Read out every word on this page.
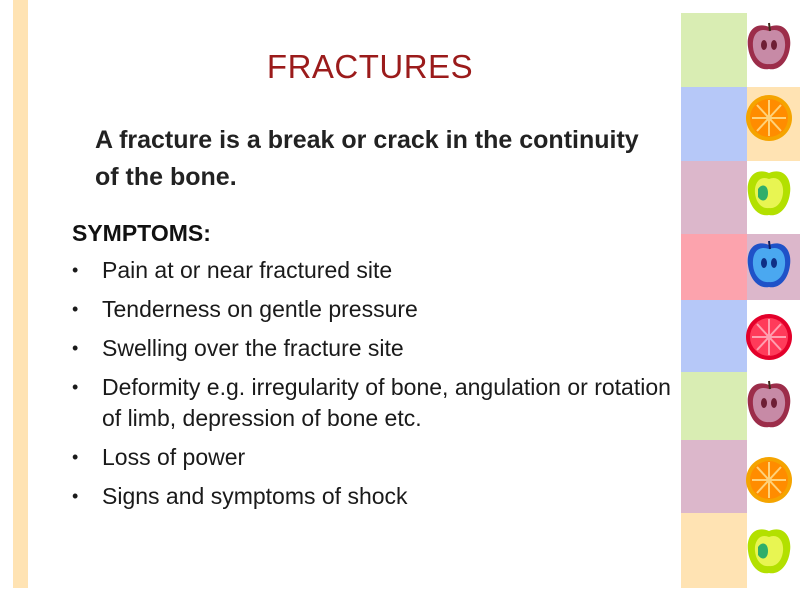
FRACTURES
A fracture is a break or crack in the continuity of the bone.
SYMPTOMS:
• Pain at or near fractured site
• Tenderness on gentle pressure
• Swelling over the fracture site
• Deformity e.g. irregularity of bone, angulation or rotation of limb, depression of bone etc.
• Loss of power
• Signs and symptoms of shock
